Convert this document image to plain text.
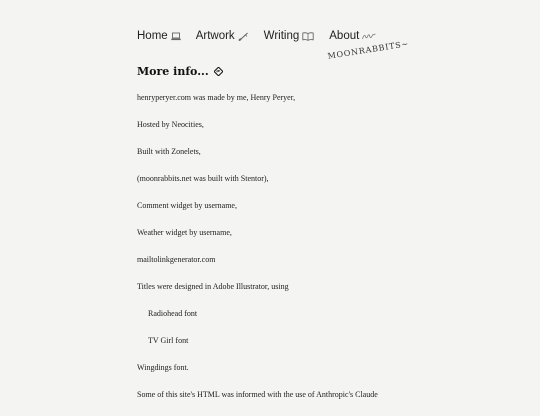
Home Artwork	Writing	About
MOONRABBITS~
More info...
henryperyer.com was made by me, Henry Peryer,
Hosted by Neocities,
Built with Zonelets,
(moonrabbits.net was built with Stentor),
Comment widget by username,
Weather widget by username,
mailtolinkgenerator.com
Titles were designed in Adobe Illustrator, using
Radiohead font
TV Girl font
Wingdings font.
Some of this site's HTML was informed with the use of Anthropic's Claude
